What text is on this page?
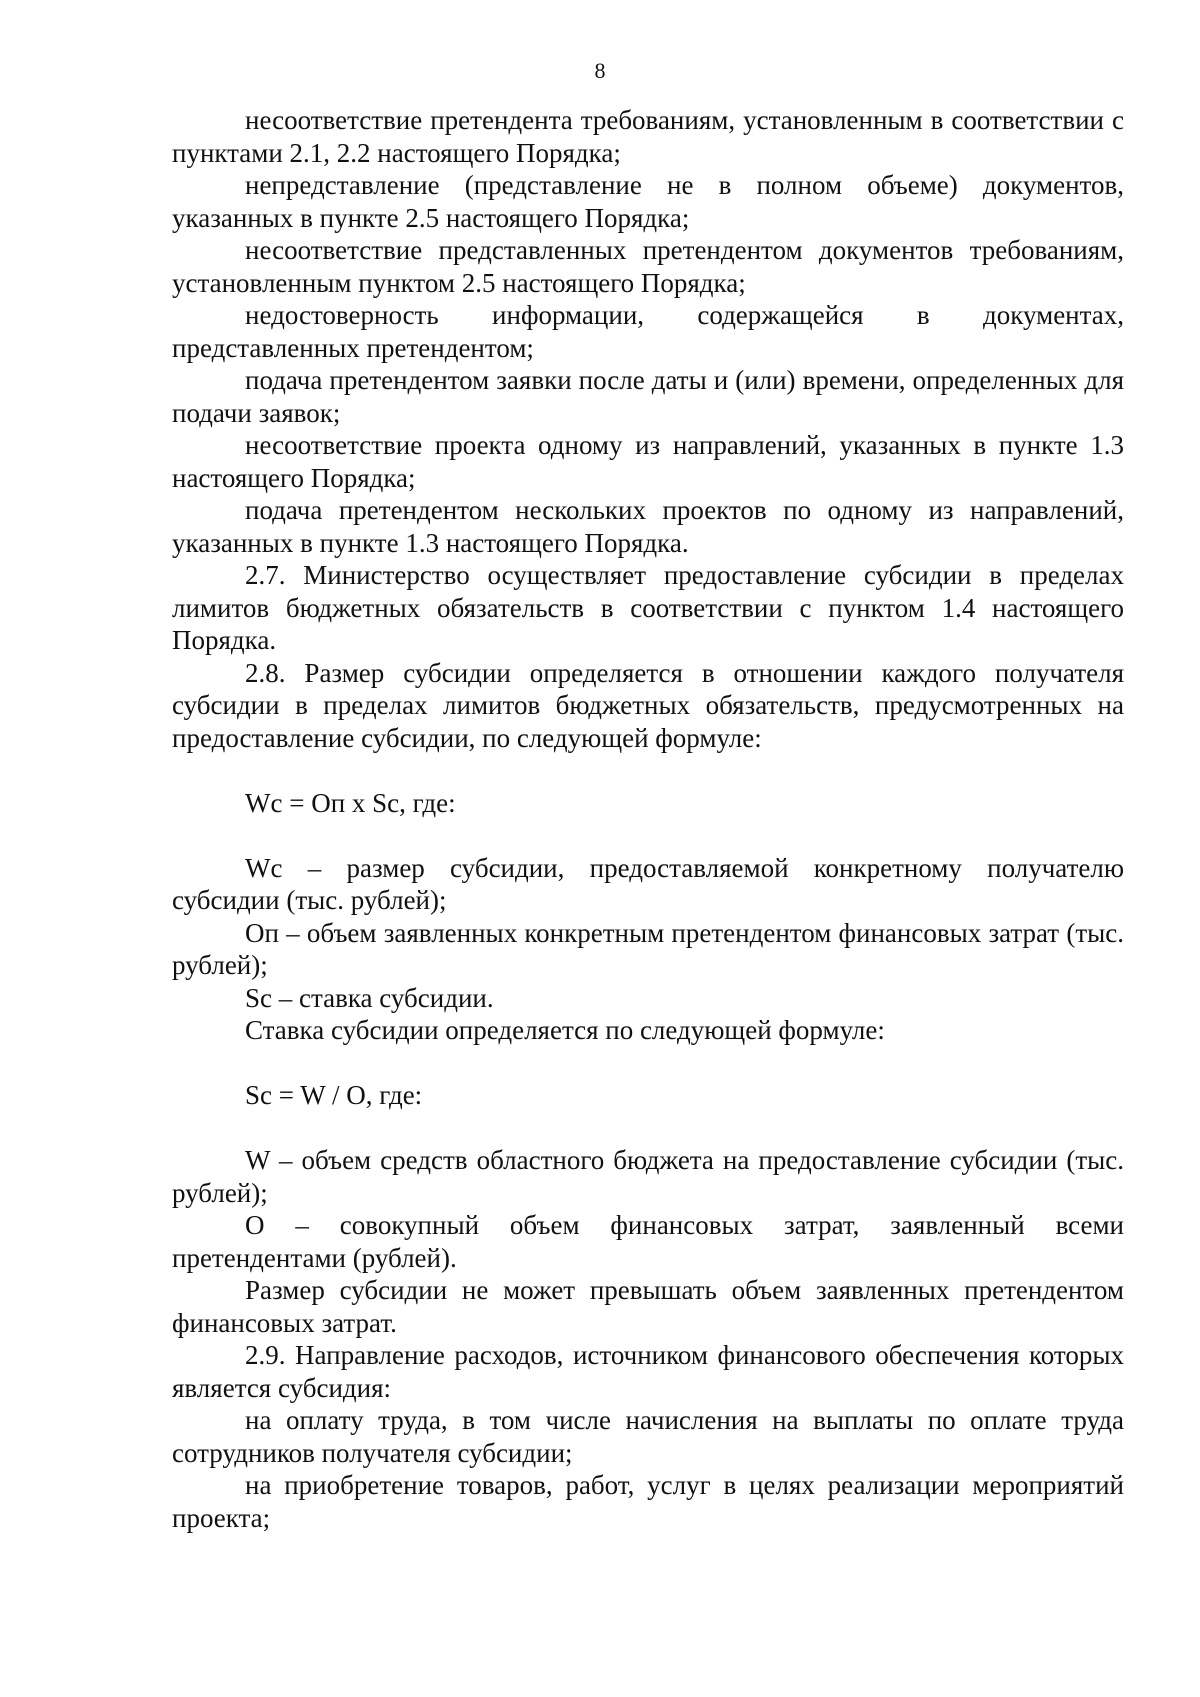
8

несоответствие претендента требованиям, установленным в соответствии с пунктами 2.1, 2.2 настоящего Порядка;

непредставление (представление не в полном объеме) документов, указанных в пункте 2.5 настоящего Порядка;

несоответствие представленных претендентом документов требованиям, установленным пунктом 2.5 настоящего Порядка;

недостоверность информации, содержащейся в документах, представленных претендентом;

подача претендентом заявки после даты и (или) времени, определенных для подачи заявок;

несоответствие проекта одному из направлений, указанных в пункте 1.3 настоящего Порядка;

подача претендентом нескольких проектов по одному из направлений, указанных в пункте 1.3 настоящего Порядка.

2.7. Министерство осуществляет предоставление субсидии в пределах лимитов бюджетных обязательств в соответствии с пунктом 1.4 настоящего Порядка.

2.8. Размер субсидии определяется в отношении каждого получателя субсидии в пределах лимитов бюджетных обязательств, предусмотренных на предоставление субсидии, по следующей формуле:

Wc = Оп х Sc, где:

Wc – размер субсидии, предоставляемой конкретному получателю субсидии (тыс. рублей);

Оп – объем заявленных конкретным претендентом финансовых затрат (тыс. рублей);

Sc – ставка субсидии.

Ставка субсидии определяется по следующей формуле:

Sc = W / O, где:

W – объем средств областного бюджета на предоставление субсидии (тыс. рублей);

О – совокупный объем финансовых затрат, заявленный всеми претендентами (рублей).

Размер субсидии не может превышать объем заявленных претендентом финансовых затрат.

2.9. Направление расходов, источником финансового обеспечения которых является субсидия:

на оплату труда, в том числе начисления на выплаты по оплате труда сотрудников получателя субсидии;

на приобретение товаров, работ, услуг в целях реализации мероприятий проекта;
